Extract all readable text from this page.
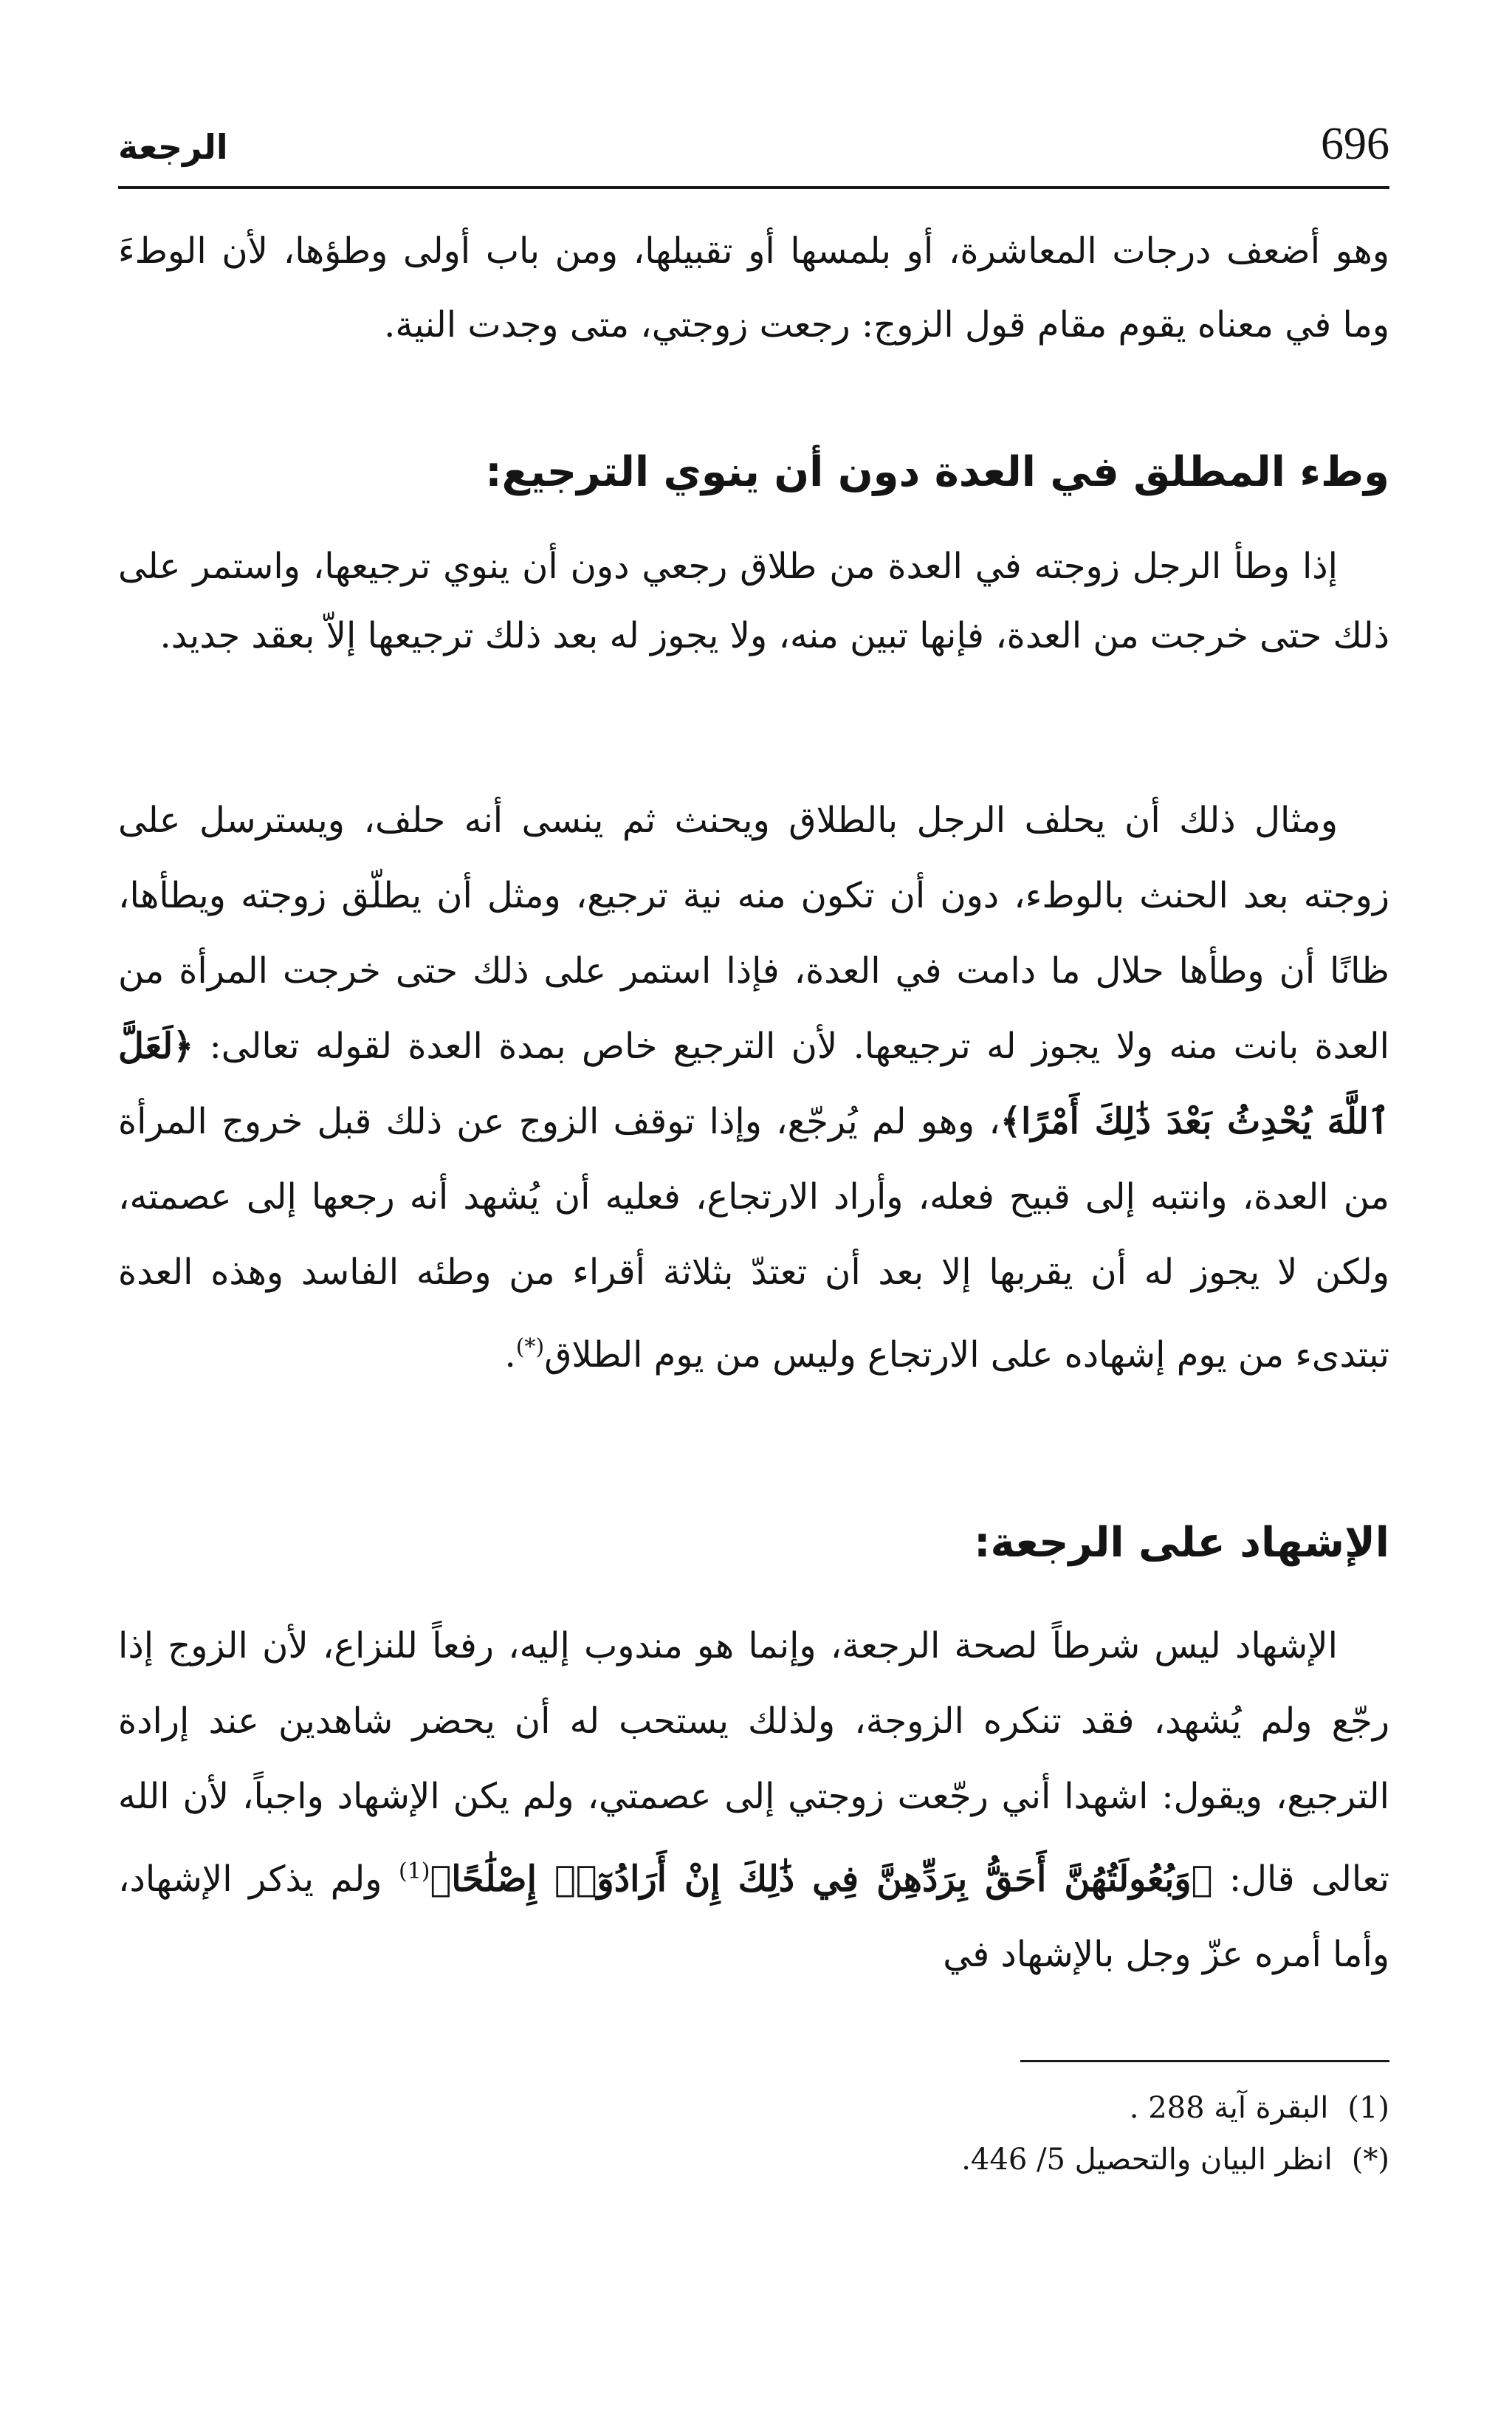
696
الرجعة

وهو أضعف درجات المعاشرة، أو بلمسها أو تقبيلها، ومن باب أولى وطؤها، لأن الوطءَ وما في معناه يقوم مقام قول الزوج: رجعت زوجتي، متى وجدت النية.

وطء المطلق في العدة دون أن ينوي الترجيع:

إذا وطأ الرجل زوجته في العدة من طلاق رجعي دون أن ينوي ترجيعها، واستمر على ذلك حتى خرجت من العدة، فإنها تبين منه، ولا يجوز له بعد ذلك ترجيعها إلاّ بعقد جديد.

ومثال ذلك أن يحلف الرجل بالطلاق ويحنث ثم ينسى أنه حلف، ويسترسل على زوجته بعد الحنث بالوطء، دون أن تكون منه نية ترجيع، ومثل أن يطلّق زوجته ويطأها، ظانًا أن وطأها حلال ما دامت في العدة، فإذا استمر على ذلك حتى خرجت المرأة من العدة بانت منه ولا يجوز له ترجيعها. لأن الترجيع خاص بمدة العدة لقوله تعالى: ﴿لَعَلَّ ٱللَّهَ يُحْدِثُ بَعْدَ ذَٰلِكَ أَمْرًا﴾، وهو لم يُرجّع، وإذا توقف الزوج عن ذلك قبل خروج المرأة من العدة، وانتبه إلى قبيح فعله، وأراد الارتجاع، فعليه أن يُشهد أنه رجعها إلى عصمته، ولكن لا يجوز له أن يقربها إلا بعد أن تعتدّ بثلاثة أقراء من وطئه الفاسد وهذه العدة تبتدىء من يوم إشهاده على الارتجاع وليس من يوم الطلاق(*).

الإشهاد على الرجعة:

الإشهاد ليس شرطاً لصحة الرجعة، وإنما هو مندوب إليه، رفعاً للنزاع، لأن الزوج إذا رجّع ولم يُشهد، فقد تنكره الزوجة، ولذلك يستحب له أن يحضر شاهدين عند إرادة الترجيع، ويقول: اشهدا أني رجّعت زوجتي إلى عصمتي، ولم يكن الإشهاد واجباً، لأن الله تعالى قال: ﴿وَبُعُولَتُهُنَّ أَحَقُّ بِرَدِّهِنَّ فِي ذَٰلِكَ إِنْ أَرَادُوٓا۟ إِصْلَٰحًا﴾$^{(1)}$ ولم يذكر الإشهاد، وأما أمره عزّ وجل بالإشهاد في

(1)البقرة آية 288 .
(*)انظر البيان والتحصيل 5/ 446.
